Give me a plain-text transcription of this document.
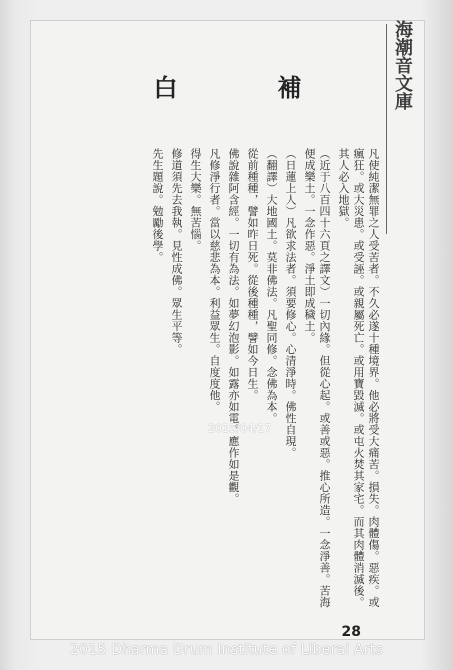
海潮音文庫
補
白
凡使純潔無罪之人受苦者。不久必遂十種境界。他必將受大痛苦。損失。肉體傷。惡疾。或瘋狂。或大災患。或受誣。或親屬死亡。或用寶毀滅。或屯火焚其家宅。而其肉體消滅後。其人必入地獄。
（近于八百四十六頁之譯文）一切內緣。但從心起。或善或惡。推心所造。一念淨善。苦海便成樂土。一念作惡。淨土即成穢土。
（日蓮上人）凡欲求法者。須要修心。心清淨時。佛性自現。
（翻譯）大地國土。莫非佛法。凡聖同修。念佛為本。
從前種種，譬如昨日死。從後種種，譬如今日生。
佛說雜阿含經。一切有為法。如夢幻泡影。如露亦如電。應作如是觀。
凡修淨行者。當以慈悲為本。利益眾生。自度度他。
得生大樂。無苦惱。
修道須先去我執。見性成佛。眾生平等。
先生題說。勉勵後學。
2015/04/17
28
2015 Dharma Drum Institute of Liberal Arts
